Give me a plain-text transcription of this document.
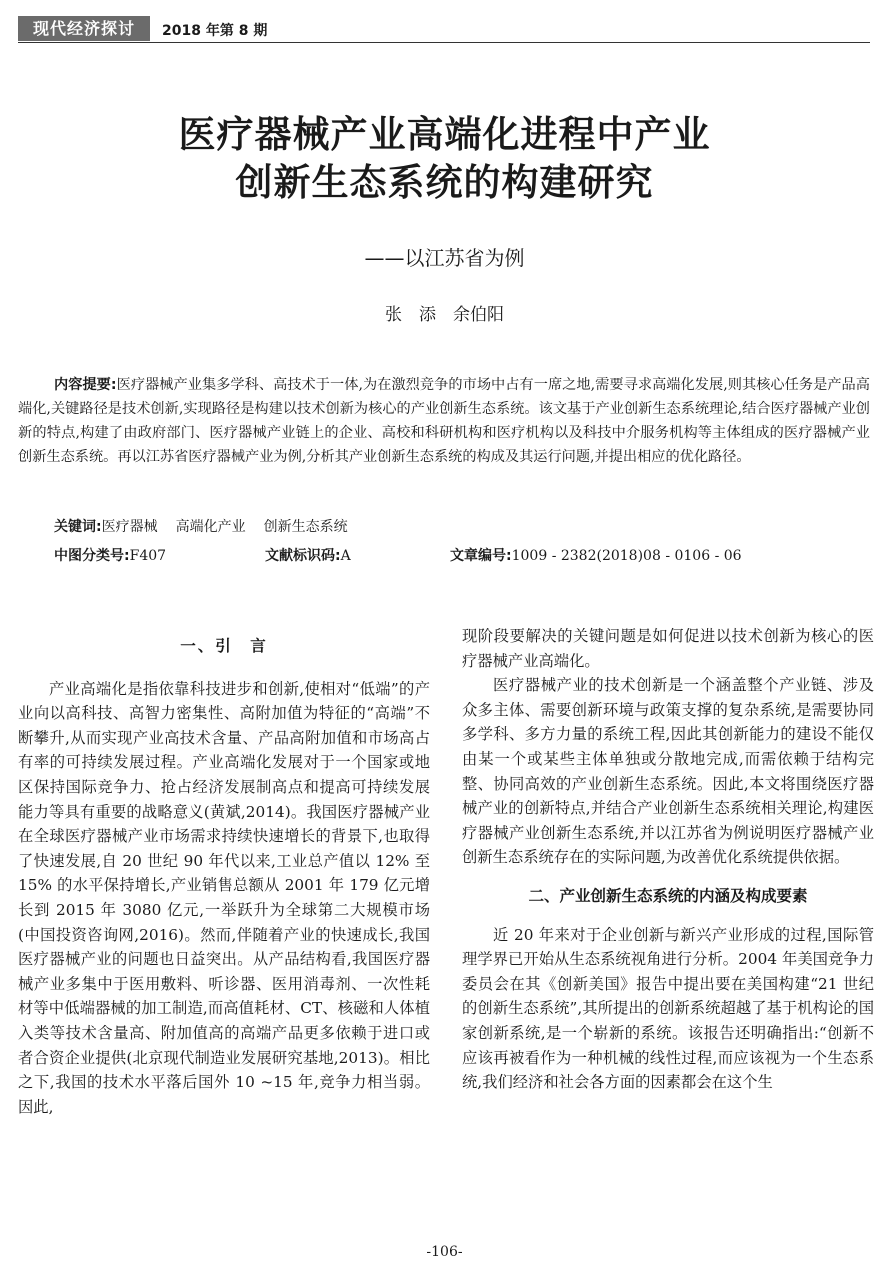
现代经济探讨	2018 年第 8 期
医疗器械产业高端化进程中产业
创新生态系统的构建研究
——以江苏省为例
张　添　余伯阳

内容提要:医疗器械产业集多学科、高技术于一体,为在激烈竞争的市场中占有一席之地,需要寻求高端化发展,则其核心任务是产品高端化,关键路径是技术创新,实现路径是构建以技术创新为核心的产业创新生态系统。该文基于产业创新生态系统理论,结合医疗器械产业创新的特点,构建了由政府部门、医疗器械产业链上的企业、高校和科研机构和医疗机构以及科技中介服务机构等主体组成的医疗器械产业创新生态系统。再以江苏省医疗器械产业为例,分析其产业创新生态系统的构成及其运行问题,并提出相应的优化路径。

关键词:医疗器械 高端化产业 创新生态系统
中图分类号:F407	文献标识码:A	文章编号:1009 - 2382(2018)08 - 0106 - 06
一、引　言

产业高端化是指依靠科技进步和创新,使相对“低端”的产业向以高科技、高智力密集性、高附加值为特征的“高端”不断攀升,从而实现产业高技术含量、产品高附加值和市场高占有率的可持续发展过程。产业高端化发展对于一个国家或地区保持国际竞争力、抢占经济发展制高点和提高可持续发展能力等具有重要的战略意义(黄斌,2014)。我国医疗器械产业在全球医疗器械产业市场需求持续快速增长的背景下,也取得了快速发展,自 20 世纪 90 年代以来,工业总产值以 12% 至 15% 的水平保持增长,产业销售总额从 2001 年 179 亿元增长到 2015 年 3080 亿元,一举跃升为全球第二大规模市场(中国投资咨询网,2016)。然而,伴随着产业的快速成长,我国医疗器械产业的问题也日益突出。从产品结构看,我国医疗器械产业多集中于医用敷料、听诊器、医用消毒剂、一次性耗材等中低端器械的加工制造,而高值耗材、CT、核磁和人体植入类等技术含量高、附加值高的高端产品更多依赖于进口或者合资企业提供(北京现代制造业发展研究基地,2013)。相比之下,我国的技术水平落后国外 10 ~15 年,竞争力相当弱。因此,

现阶段要解决的关键问题是如何促进以技术创新为核心的医疗器械产业高端化。

医疗器械产业的技术创新是一个涵盖整个产业链、涉及众多主体、需要创新环境与政策支撑的复杂系统,是需要协同多学科、多方力量的系统工程,因此其创新能力的建设不能仅由某一个或某些主体单独或分散地完成,而需依赖于结构完整、协同高效的产业创新生态系统。因此,本文将围绕医疗器械产业的创新特点,并结合产业创新生态系统相关理论,构建医疗器械产业创新生态系统,并以江苏省为例说明医疗器械产业创新生态系统存在的实际问题,为改善优化系统提供依据。

二、产业创新生态系统的内涵及构成要素

近 20 年来对于企业创新与新兴产业形成的过程,国际管理学界已开始从生态系统视角进行分析。2004 年美国竞争力委员会在其《创新美国》报告中提出要在美国构建“21 世纪的创新生态系统”,其所提出的创新系统超越了基于机构论的国家创新系统,是一个崭新的系统。该报告还明确指出:“创新不应该再被看作为一种机械的线性过程,而应该视为一个生态系统,我们经济和社会各方面的因素都会在这个生

-106-
